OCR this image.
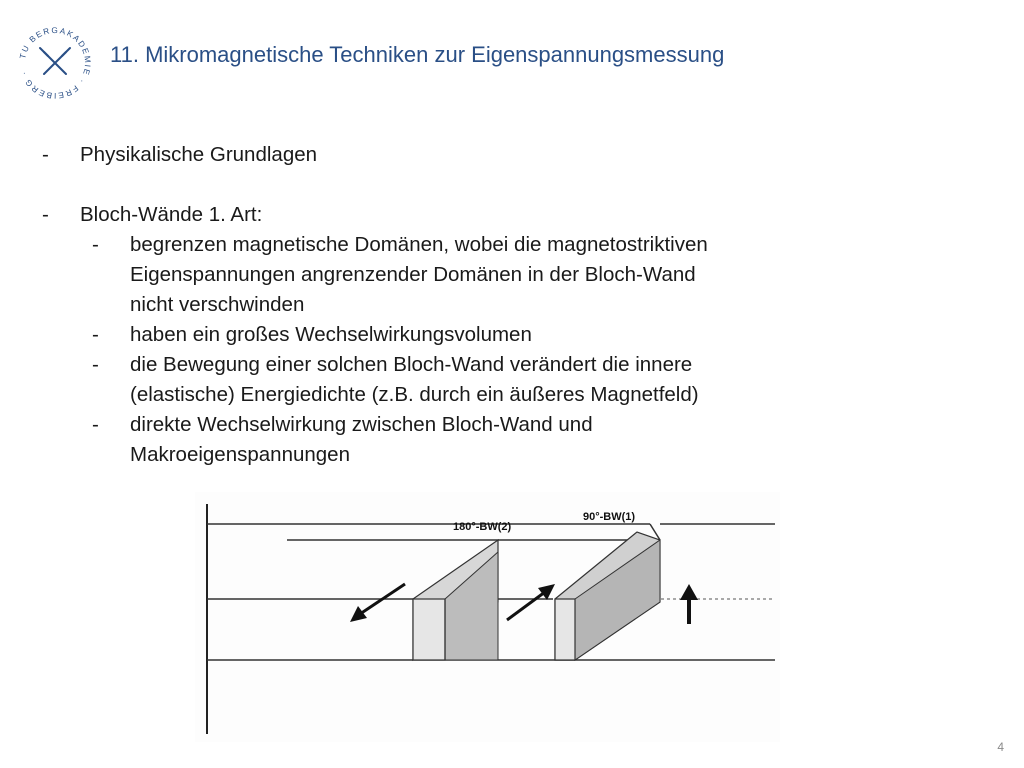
TU BERGAKADEMIE · FREIBERG ·
11. Mikromagnetische Techniken zur Eigenspannungsmessung
-	Physikalische Grundlagen
-	Bloch-Wände 1. Art:
-	begrenzen magnetische Domänen, wobei die magnetostriktiven
Eigenspannungen angrenzender Domänen in der Bloch-Wand
nicht verschwinden
-	haben ein großes Wechselwirkungsvolumen
-	die Bewegung einer solchen Bloch-Wand verändert die innere
(elastische) Energiedichte (z.B. durch ein äußeres Magnetfeld)
-	direkte Wechselwirkung zwischen Bloch-Wand und
Makroeigenspannungen
180°-BW(2)
90°-BW(1)
4
